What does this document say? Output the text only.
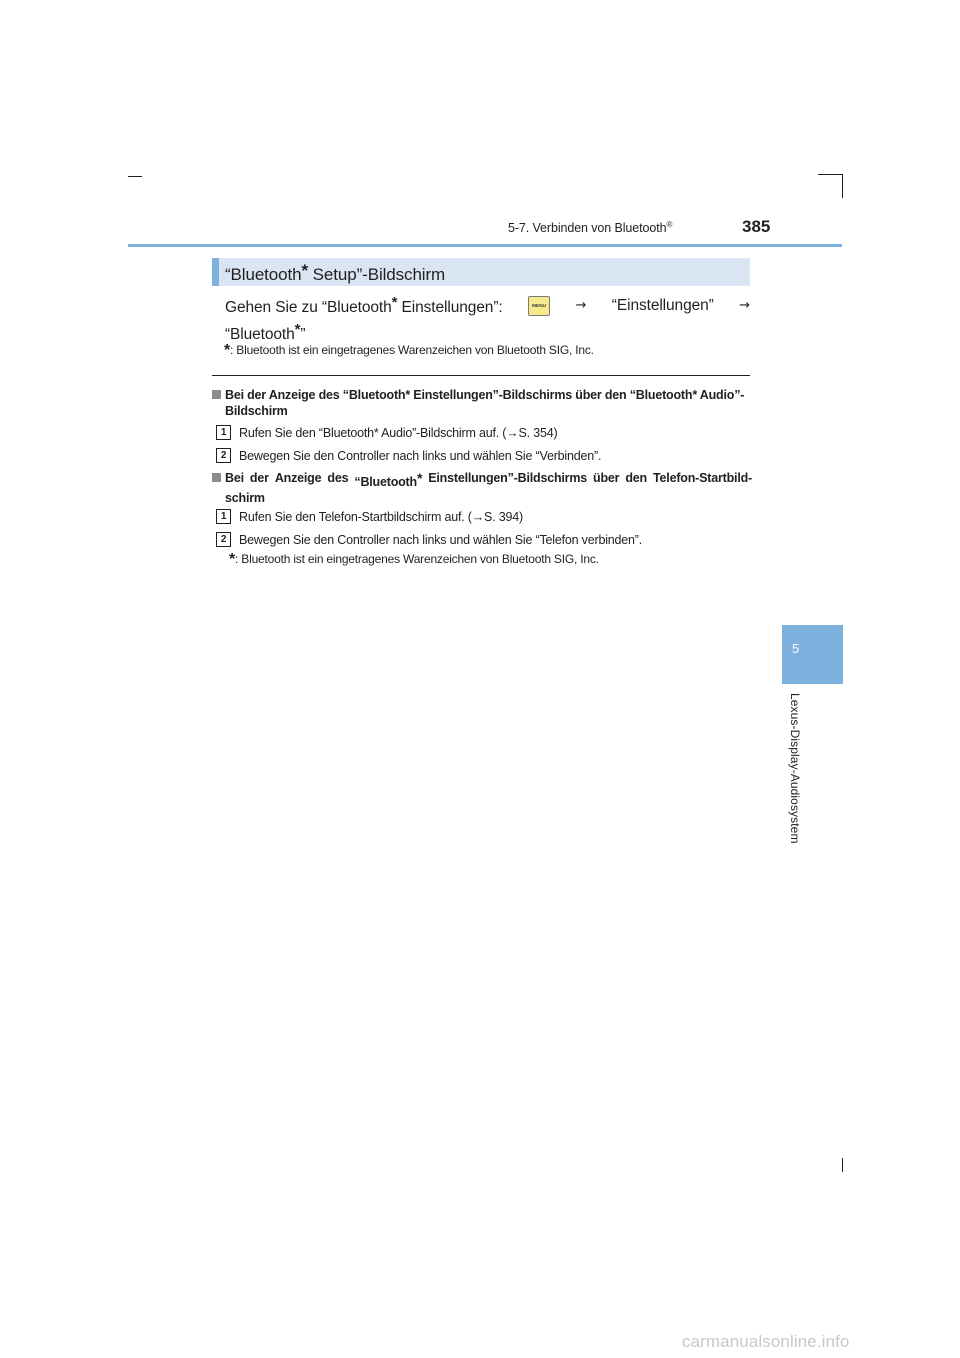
5-7. Verbinden von Bluetooth®	385
“Bluetooth* Setup”-Bildschirm
Gehen Sie zu “Bluetooth* Einstellungen”:	MENU → “Einstellungen” →
“Bluetooth*”
*: Bluetooth ist ein eingetragenes Warenzeichen von Bluetooth SIG, Inc.
Bei der Anzeige des “Bluetooth* Einstellungen”-Bildschirms über den “Bluetooth* Audio”-
Bildschirm
1	Rufen Sie den “Bluetooth* Audio”-Bildschirm auf. (→S. 354)
2	Bewegen Sie den Controller nach links und wählen Sie “Verbinden”.
Bei der Anzeige des “Bluetooth* Einstellungen”-Bildschirms über den Telefon-Startbild-
schirm
1	Rufen Sie den Telefon-Startbildschirm auf. (→S. 394)
2	Bewegen Sie den Controller nach links und wählen Sie “Telefon verbinden”.
*: Bluetooth ist ein eingetragenes Warenzeichen von Bluetooth SIG, Inc.
5
Lexus-Display-Audiosystem
carmanualsonline.info
